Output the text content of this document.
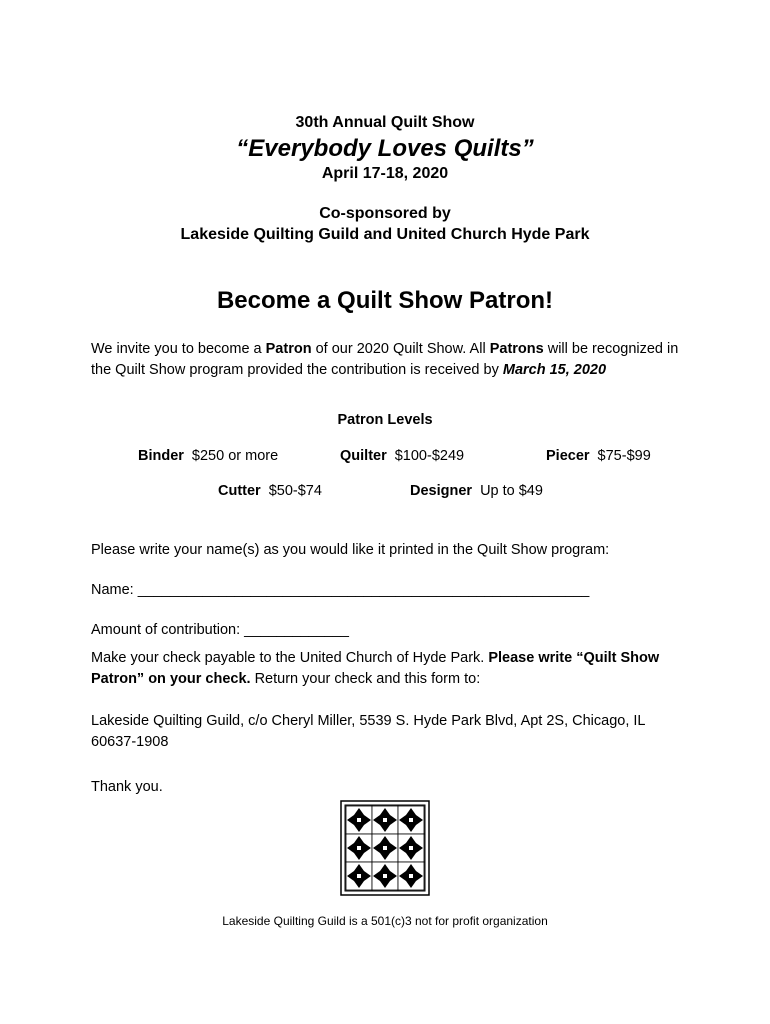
30th Annual Quilt Show
“Everybody Loves Quilts”
April 17-18, 2020
Co-sponsored by
Lakeside Quilting Guild and United Church Hyde Park
Become a Quilt Show Patron!
We invite you to become a Patron of our 2020 Quilt Show. All Patrons will be recognized in the Quilt Show program provided the contribution is received by March 15, 2020
Patron Levels
Binder $250 or more	Quilter $100-$249	Piecer $75-$99
Cutter $50-$74	Designer Up to $49
Please write your name(s) as you would like it printed in the Quilt Show program:
Name: ________________________________________________________
Amount of contribution: _____________
Make your check payable to the United Church of Hyde Park. Please write “Quilt Show Patron” on your check. Return your check and this form to:
Lakeside Quilting Guild, c/o Cheryl Miller, 5539 S. Hyde Park Blvd, Apt 2S, Chicago, IL 60637-1908
Thank you.
Lakeside Quilting Guild is a 501(c)3 not for profit organization
